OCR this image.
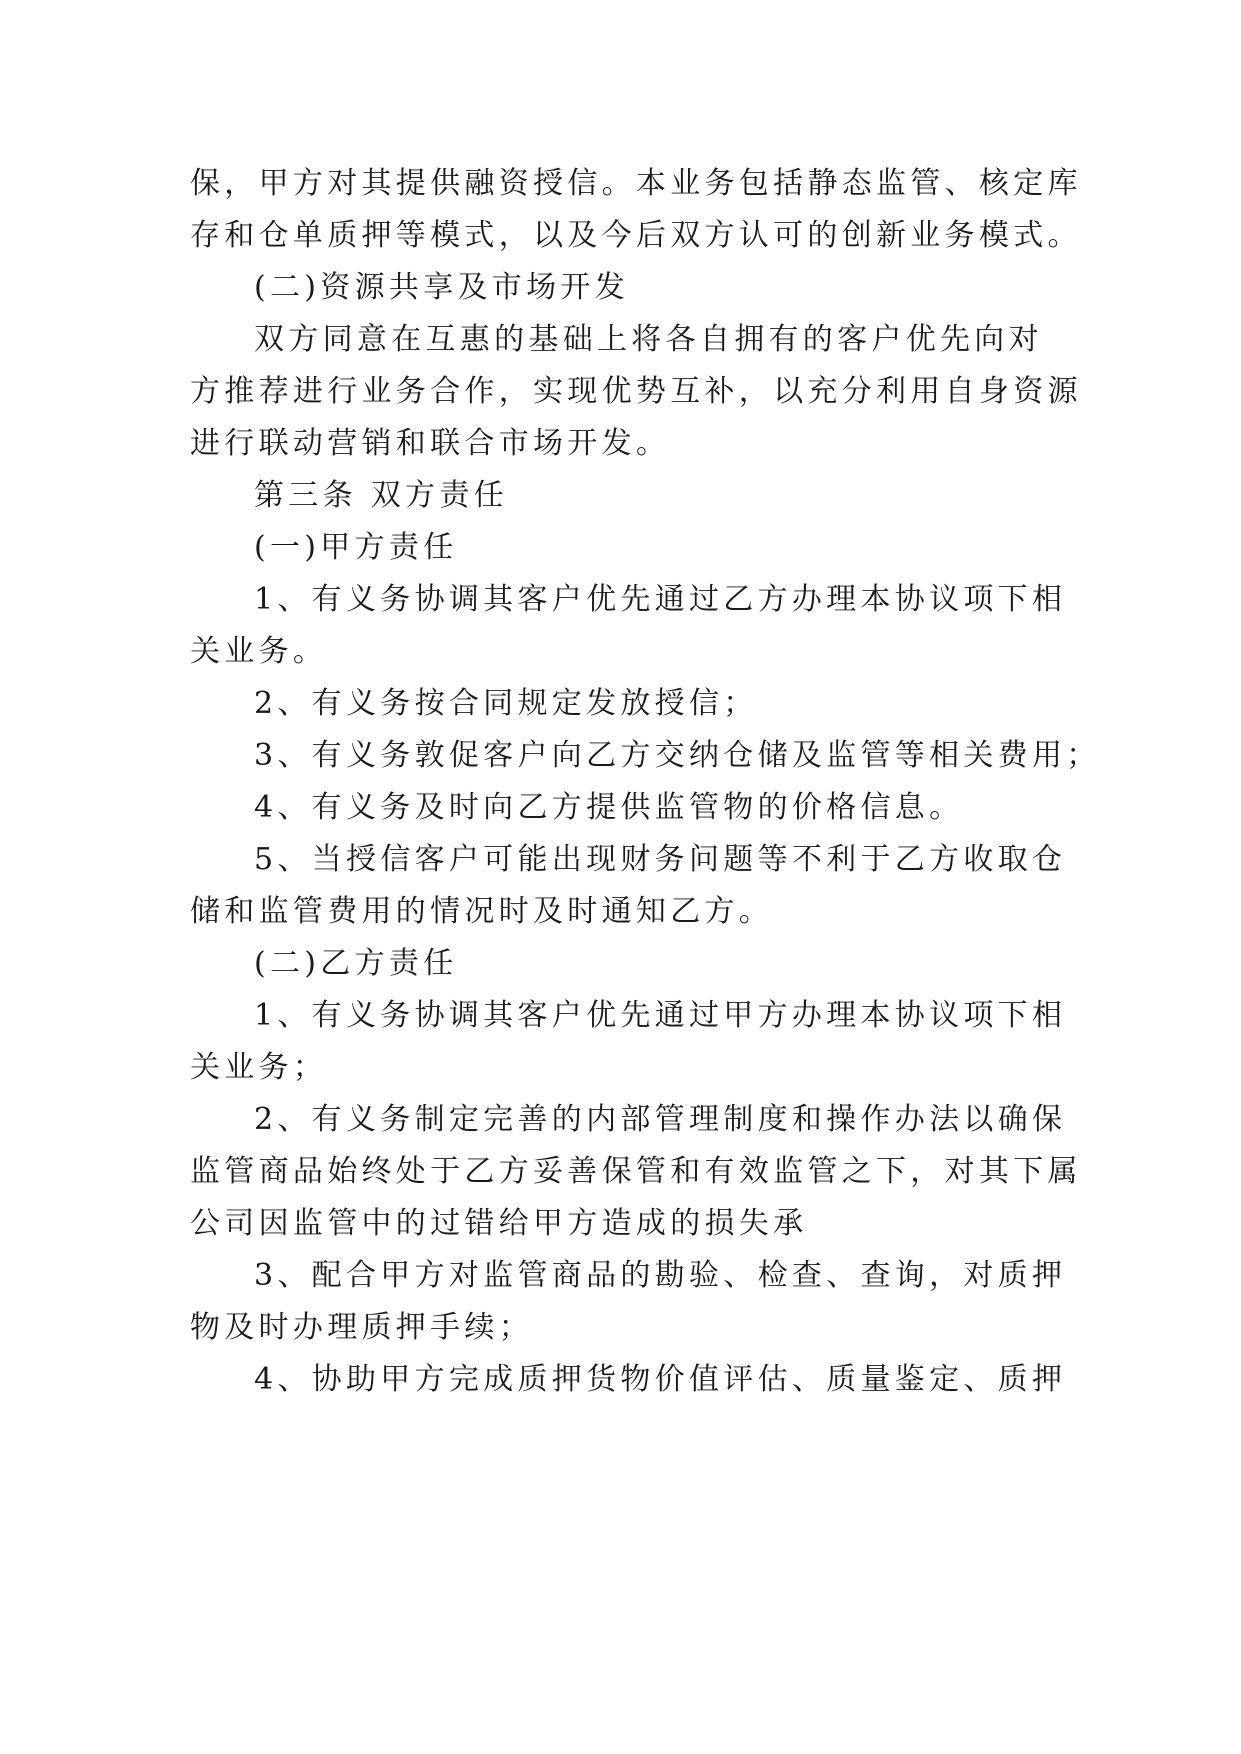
保，甲方对其提供融资授信。本业务包括静态监管、核定库
存和仓单质押等模式，以及今后双方认可的创新业务模式。
(二)资源共享及市场开发
双方同意在互惠的基础上将各自拥有的客户优先向对
方推荐进行业务合作，实现优势互补，以充分利用自身资源
进行联动营销和联合市场开发。
第三条 双方责任
(一)甲方责任
1、有义务协调其客户优先通过乙方办理本协议项下相
关业务。
2、有义务按合同规定发放授信；
3、有义务敦促客户向乙方交纳仓储及监管等相关费用；
4、有义务及时向乙方提供监管物的价格信息。
5、当授信客户可能出现财务问题等不利于乙方收取仓
储和监管费用的情况时及时通知乙方。
(二)乙方责任
1、有义务协调其客户优先通过甲方办理本协议项下相
关业务；
2、有义务制定完善的内部管理制度和操作办法以确保
监管商品始终处于乙方妥善保管和有效监管之下，对其下属
公司因监管中的过错给甲方造成的损失承
3、配合甲方对监管商品的勘验、检查、查询，对质押
物及时办理质押手续；
4、协助甲方完成质押货物价值评估、质量鉴定、质押
